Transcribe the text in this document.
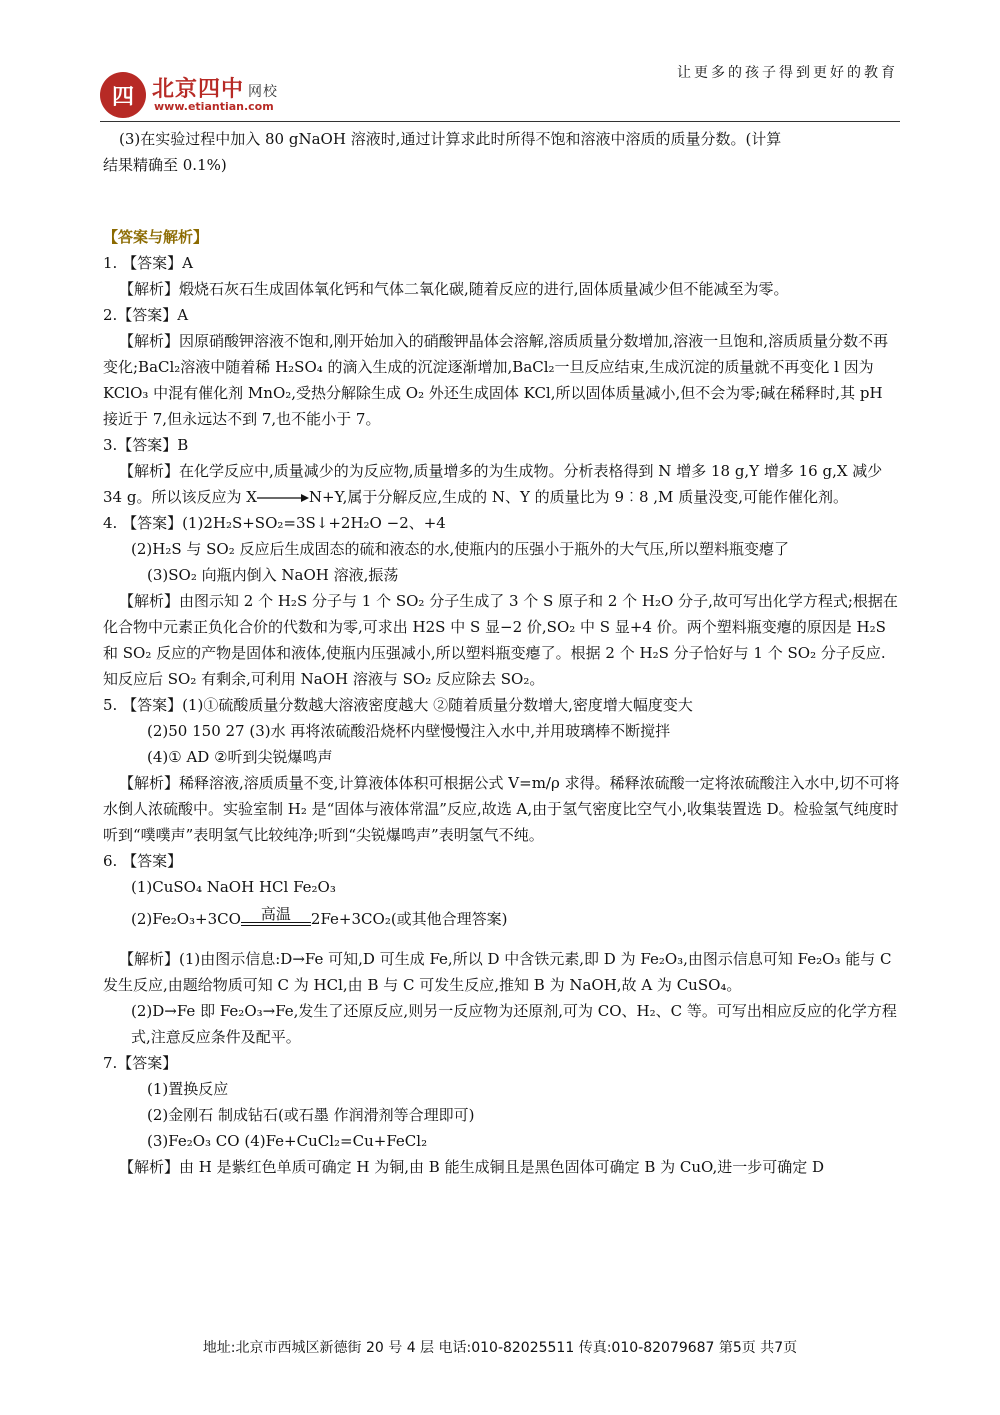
四 北京四中 网校
www.etiantian.com
让更多的孩子得到更好的教育

(3)在实验过程中加入 80 gNaOH 溶液时,通过计算求此时所得不饱和溶液中溶质的质量分数。(计算

结果精确至 0.1%)

【答案与解析】

1. 【答案】A

【解析】煅烧石灰石生成固体氧化钙和气体二氧化碳,随着反应的进行,固体质量减少但不能减至为零。

2.【答案】A

【解析】因原硝酸钾溶液不饱和,刚开始加入的硝酸钾晶体会溶解,溶质质量分数增加,溶液一旦饱和,溶质质量分数不再变化;BaCl₂溶液中随着稀 H₂SO₄ 的滴入生成的沉淀逐渐增加,BaCl₂一旦反应结束,生成沉淀的质量就不再变化 l 因为 KClO₃ 中混有催化剂 MnO₂,受热分解除生成 O₂ 外还生成固体 KCl,所以固体质量减小,但不会为零;碱在稀释时,其 pH 接近于 7,但永远达不到 7,也不能小于 7。

3.【答案】B

【解析】在化学反应中,质量减少的为反应物,质量增多的为生成物。分析表格得到 N 增多 18 g,Y 增多 16 g,X 减少 34 g。所以该反应为 X→N+Y,属于分解反应,生成的 N、Y 的质量比为 9︰8 ,M 质量没变,可能作催化剂。

4. 【答案】(1)2H₂S+SO₂=3S↓+2H₂O −2、+4

(2)H₂S 与 SO₂ 反应后生成固态的硫和液态的水,使瓶内的压强小于瓶外的大气压,所以塑料瓶变瘪了

(3)SO₂ 向瓶内倒入 NaOH 溶液,振荡

【解析】由图示知 2 个 H₂S 分子与 1 个 SO₂ 分子生成了 3 个 S 原子和 2 个 H₂O 分子,故可写出化学方程式;根据在化合物中元素正负化合价的代数和为零,可求出 H2S 中 S 显−2 价,SO₂ 中 S 显+4 价。两个塑料瓶变瘪的原因是 H₂S 和 SO₂ 反应的产物是固体和液体,使瓶内压强减小,所以塑料瓶变瘪了。根据 2 个 H₂S 分子恰好与 1 个 SO₂ 分子反应.知反应后 SO₂ 有剩余,可利用 NaOH 溶液与 SO₂ 反应除去 SO₂。

5. 【答案】(1)①硫酸质量分数越大溶液密度越大 ②随着质量分数增大,密度增大幅度变大

(2)50 150 27 (3)水 再将浓硫酸沿烧杯内壁慢慢注入水中,并用玻璃棒不断搅拌

(4)① AD ②听到尖锐爆鸣声

【解析】稀释溶液,溶质质量不变,计算液体体积可根据公式 V=m/ρ 求得。稀释浓硫酸一定将浓硫酸注入水中,切不可将水倒人浓硫酸中。实验室制 H₂ 是“固体与液体常温”反应,故选 A,由于氢气密度比空气小,收集装置选 D。检验氢气纯度时听到“噗噗声”表明氢气比较纯净;听到“尖锐爆鸣声”表明氢气不纯。

6. 【答案】

(1)CuSO₄ NaOH HCl Fe₂O₃

(2)Fe₂O₃+3CO	高温	2Fe+3CO₂(或其他合理答案)

【解析】(1)由图示信息:D→Fe 可知,D 可生成 Fe,所以 D 中含铁元素,即 D 为 Fe₂O₃,由图示信息可知 Fe₂O₃ 能与 C 发生反应,由题给物质可知 C 为 HCl,由 B 与 C 可发生反应,推知 B 为 NaOH,故 A 为 CuSO₄。

(2)D→Fe 即 Fe₂O₃→Fe,发生了还原反应,则另一反应物为还原剂,可为 CO、H₂、C 等。可写出相应反应的化学方程式,注意反应条件及配平。

7.【答案】

(1)置换反应

(2)金刚石 制成钻石(或石墨 作润滑剂等合理即可)

(3)Fe₂O₃ CO (4)Fe+CuCl₂=Cu+FeCl₂

【解析】由 H 是紫红色单质可确定 H 为铜,由 B 能生成铜且是黑色固体可确定 B 为 CuO,进一步可确定 D

地址:北京市西城区新德街 20 号 4 层 电话:010-82025511 传真:010-82079687 第5页 共7页
